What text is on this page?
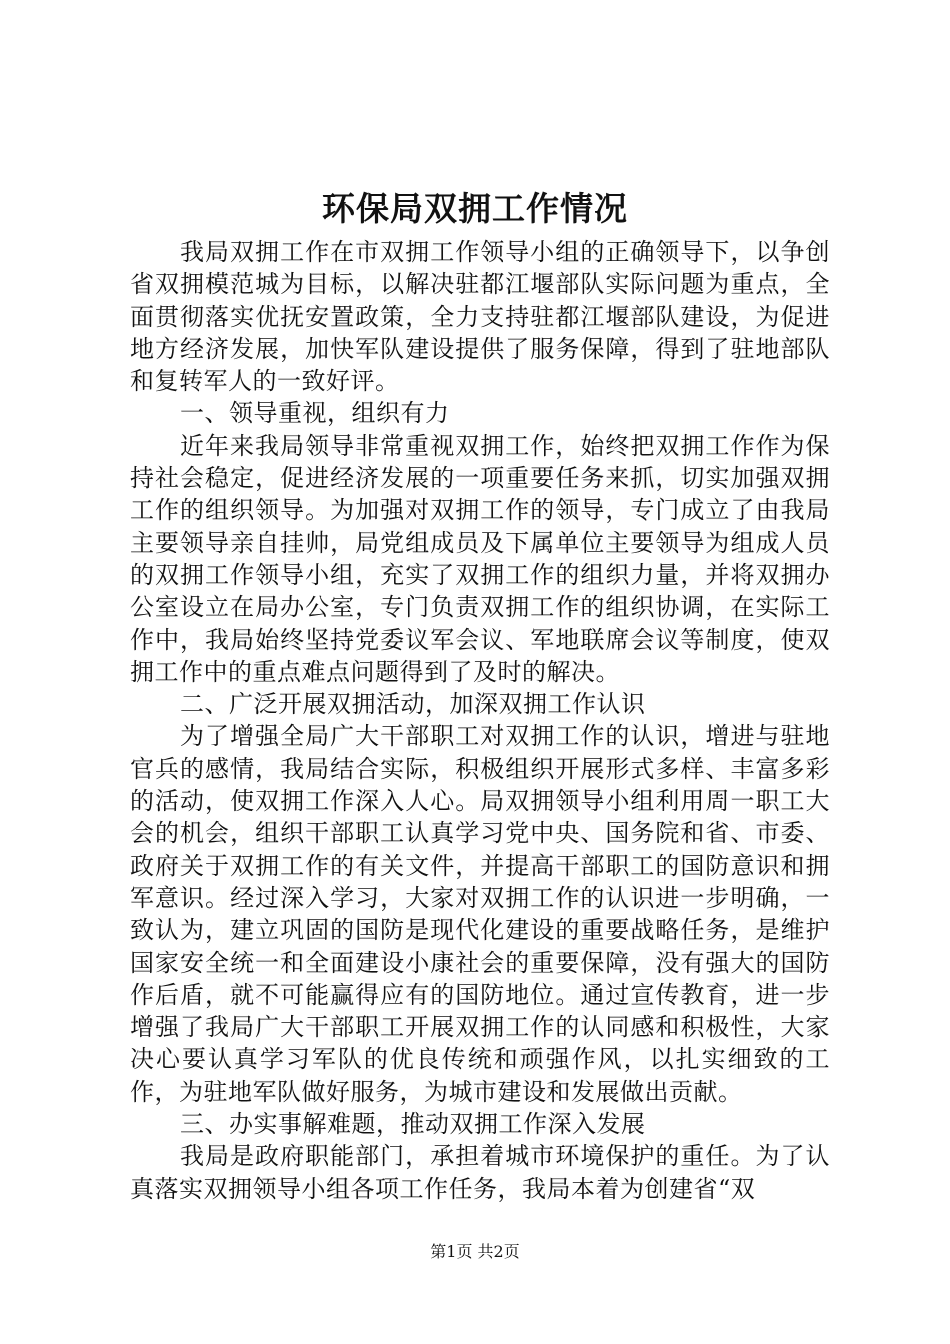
环保局双拥工作情况

我局双拥工作在市双拥工作领导小组的正确领导下，以争创省双拥模范城为目标，以解决驻都江堰部队实际问题为重点，全面贯彻落实优抚安置政策，全力支持驻都江堰部队建设，为促进地方经济发展，加快军队建设提供了服务保障，得到了驻地部队和复转军人的一致好评。

一、领导重视，组织有力

近年来我局领导非常重视双拥工作，始终把双拥工作作为保持社会稳定，促进经济发展的一项重要任务来抓，切实加强双拥工作的组织领导。为加强对双拥工作的领导，专门成立了由我局主要领导亲自挂帅，局党组成员及下属单位主要领导为组成人员的双拥工作领导小组，充实了双拥工作的组织力量，并将双拥办公室设立在局办公室，专门负责双拥工作的组织协调，在实际工作中，我局始终坚持党委议军会议、军地联席会议等制度，使双拥工作中的重点难点问题得到了及时的解决。

二、广泛开展双拥活动，加深双拥工作认识

为了增强全局广大干部职工对双拥工作的认识，增进与驻地官兵的感情，我局结合实际，积极组织开展形式多样、丰富多彩的活动，使双拥工作深入人心。局双拥领导小组利用周一职工大会的机会，组织干部职工认真学习党中央、国务院和省、市委、政府关于双拥工作的有关文件，并提高干部职工的国防意识和拥军意识。经过深入学习，大家对双拥工作的认识进一步明确，一致认为，建立巩固的国防是现代化建设的重要战略任务，是维护国家安全统一和全面建设小康社会的重要保障，没有强大的国防作后盾，就不可能赢得应有的国防地位。通过宣传教育，进一步增强了我局广大干部职工开展双拥工作的认同感和积极性，大家决心要认真学习军队的优良传统和顽强作风，以扎实细致的工作，为驻地军队做好服务，为城市建设和发展做出贡献。

三、办实事解难题，推动双拥工作深入发展

我局是政府职能部门，承担着城市环境保护的重任。为了认真落实双拥领导小组各项工作任务，我局本着为创建省“双

第1页 共2页
